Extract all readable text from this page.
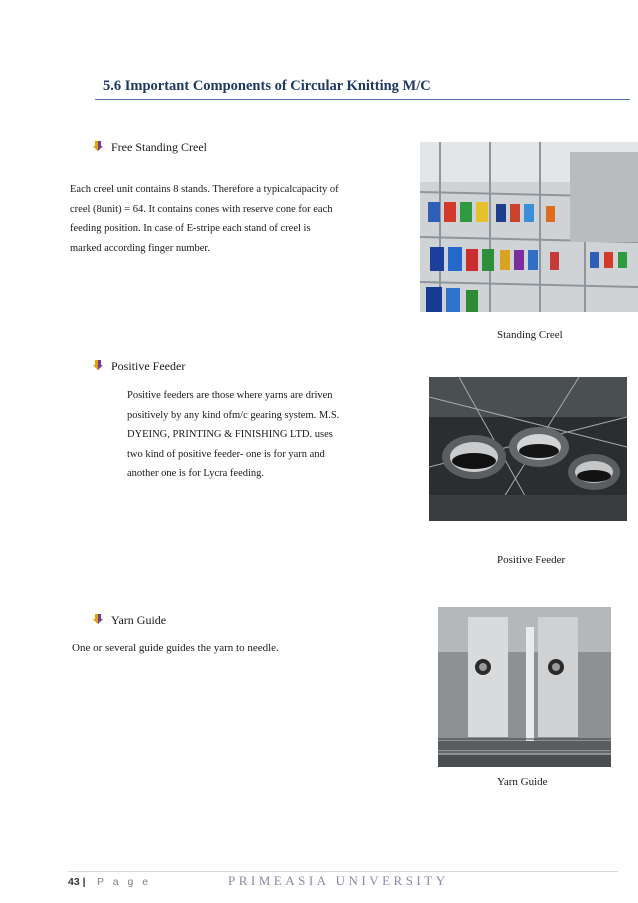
5.6 Important Components of Circular Knitting M/C
Free Standing Creel
Each creel unit contains 8 stands. Therefore a typicalcapacity of
creel (8unit) = 64. It contains cones with reserve cone for each
feeding position. In case of E-stripe each stand of creel is
marked according finger number.
Standing Creel
Positive Feeder
Positive feeders are those where yarns are driven
positively by any kind ofm/c gearing system. M.S.
DYEING, PRINTING & FINISHING LTD. uses
two kind of positive feeder- one is for yarn and
another one is for Lycra feeding.
Positive Feeder
Yarn Guide
One or several guide guides the yarn to needle.
Yarn Guide
43 | P a g e	PRIMEASIA UNIVERSITY
